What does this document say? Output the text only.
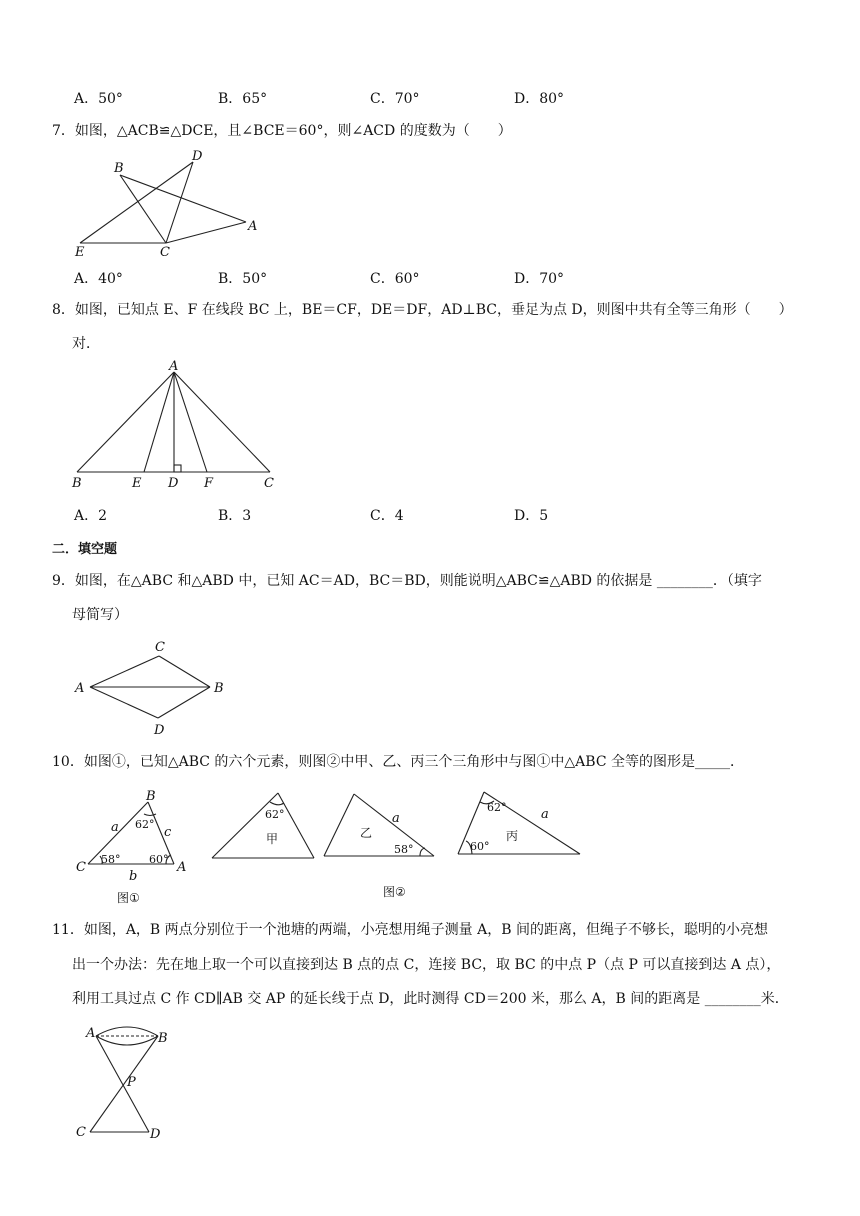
A．50°	B．65°	C．70°	D．80°
7．如图，△ACB≌△DCE，且∠BCE＝60°，则∠ACD 的度数为（　　）
B
D
A
E	C
A．40°	B．50°	C．60°	D．70°
8．如图，已知点 E、F 在线段 BC 上，BE＝CF，DE＝DF，AD⊥BC，垂足为点 D，则图中共有全等三角形（　　）
对．
A
B	E D F	C
A．2	B．3	C．4	D．5
二．填空题
9．如图，在△ABC 和△ABD 中，已知 AC＝AD，BC＝BD，则能说明△ABC≌△ABD 的依据是 ________．（填字
母简写）
C
A	B
D
10．如图①，已知△ABC 的六个元素，则图②中甲、乙、丙三个三角形中与图①中△ABC 全等的图形是_____．
B
C	A
a	c
b
62°
58°	60°
图①
62°
甲
a
58°
乙
62°	a
60°
丙
图②
11．如图，A，B 两点分别位于一个池塘的两端，小亮想用绳子测量 A，B 间的距离，但绳子不够长，聪明的小亮想
出一个办法：先在地上取一个可以直接到达 B 点的点 C，连接 BC，取 BC 的中点 P（点 P 可以直接到达 A 点），
利用工具过点 C 作 CD∥AB 交 AP 的延长线于点 D，此时测得 CD＝200 米，那么 A，B 间的距离是 ________米．
A	B
P
C	D
